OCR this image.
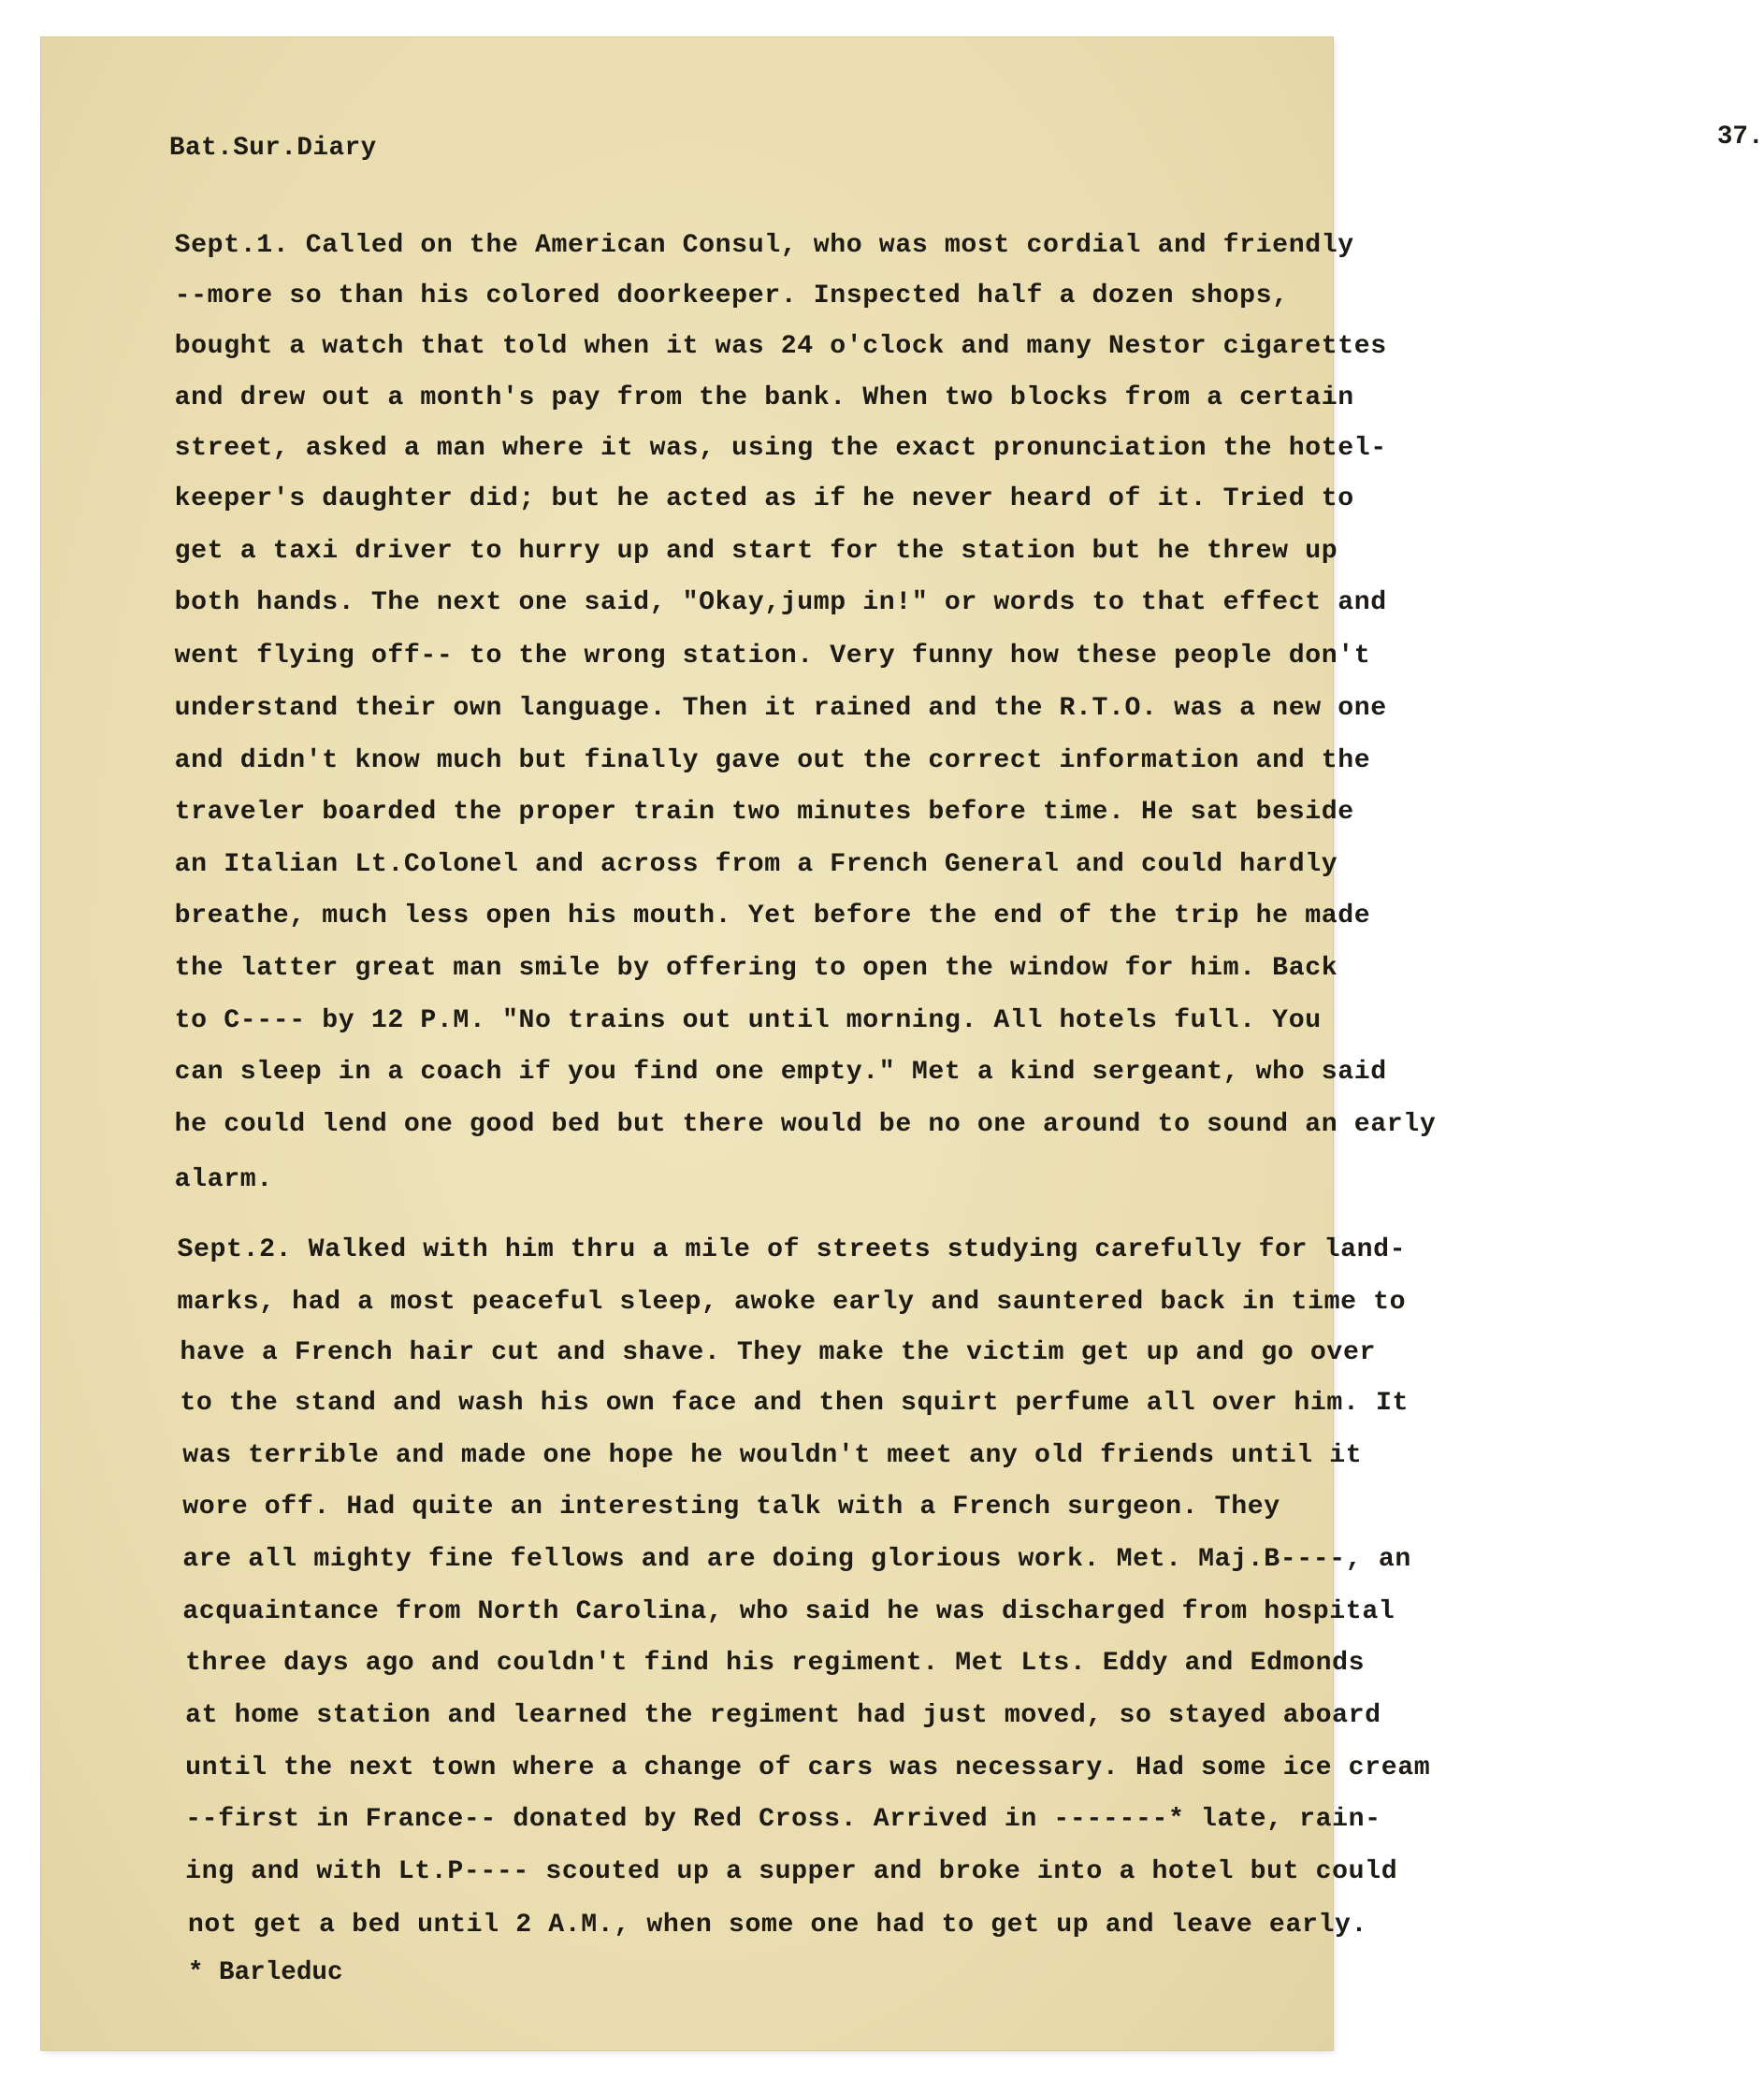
Bat.Sur.Diary	37.
Sept.1. Called on the American Consul, who was most cordial and friendly
--more so than his colored doorkeeper. Inspected half a dozen shops,
bought a watch that told when it was 24 o'clock and many Nestor cigarettes
and drew out a month's pay from the bank. When two blocks from a certain
street, asked a man where it was, using the exact pronunciation the hotel-
keeper's daughter did; but he acted as if he never heard of it. Tried to
get a taxi driver to hurry up and start for the station but he threw up
both hands. The next one said, "Okay,jump in!" or words to that effect and
went flying off-- to the wrong station. Very funny how these people don't
understand their own language. Then it rained and the R.T.O. was a new one
and didn't know much but finally gave out the correct information and the
traveler boarded the proper train two minutes before time. He sat beside
an Italian Lt.Colonel and across from a French General and could hardly
breathe, much less open his mouth. Yet before the end of the trip he made
the latter great man smile by offering to open the window for him. Back
to C---- by 12 P.M. "No trains out until morning. All hotels full. You
can sleep in a coach if you find one empty." Met a kind sergeant, who said
he could lend one good bed but there would be no one around to sound an early
alarm.
Sept.2. Walked with him thru a mile of streets studying carefully for land-
marks, had a most peaceful sleep, awoke early and sauntered back in time to
have a French hair cut and shave. They make the victim get up and go over
to the stand and wash his own face and then squirt perfume all over him. It
was terrible and made one hope he wouldn't meet any old friends until it
wore off. Had quite an interesting talk with a French surgeon. They
are all mighty fine fellows and are doing glorious work. Met. Maj.B----, an
acquaintance from North Carolina, who said he was discharged from hospital
three days ago and couldn't find his regiment. Met Lts. Eddy and Edmonds
at home station and learned the regiment had just moved, so stayed aboard
until the next town where a change of cars was necessary. Had some ice cream
--first in France-- donated by Red Cross. Arrived in -------* late, rain-
ing and with Lt.P---- scouted up a supper and broke into a hotel but could
not get a bed until 2 A.M., when some one had to get up and leave early.
* Barleduc
